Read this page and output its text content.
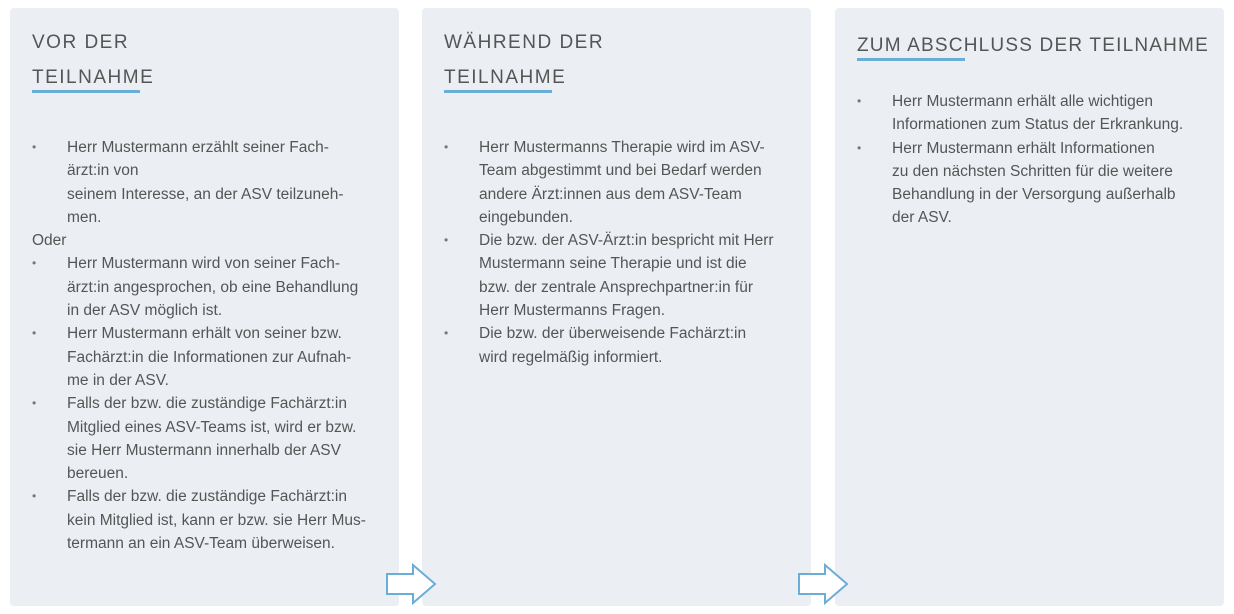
VOR DER
TEILNAHME
• Herr Mustermann erzählt seiner Fach-
ärzt:in von
seinem Interesse, an der ASV teilzuneh-
men.
Oder
• Herr Mustermann wird von seiner Fach-
ärzt:in angesprochen, ob eine Behandlung
in der ASV möglich ist.
• Herr Mustermann erhält von seiner bzw.
Fachärzt:in die Informationen zur Aufnah-
me in der ASV.
• Falls der bzw. die zuständige Fachärzt:in
Mitglied eines ASV-Teams ist, wird er bzw.
sie Herr Mustermann innerhalb der ASV
bereuen.
• Falls der bzw. die zuständige Fachärzt:in
kein Mitglied ist, kann er bzw. sie Herr Mus-
termann an ein ASV-Team überweisen.
WÄHREND DER
TEILNAHME
• Herr Mustermanns Therapie wird im ASV-
Team abgestimmt und bei Bedarf werden
andere Ärzt:innen aus dem ASV-Team
eingebunden.
• Die bzw. der ASV-Ärzt:in bespricht mit Herr
Mustermann seine Therapie und ist die
bzw. der zentrale Ansprechpartner:in für
Herr Mustermanns Fragen.
• Die bzw. der überweisende Fachärzt:in
wird regelmäßig informiert.
ZUM ABSCHLUSS DER TEILNAHME
• Herr Mustermann erhält alle wichtigen
Informationen zum Status der Erkrankung.
• Herr Mustermann erhält Informationen
zu den nächsten Schritten für die weitere
Behandlung in der Versorgung außerhalb
der ASV.
